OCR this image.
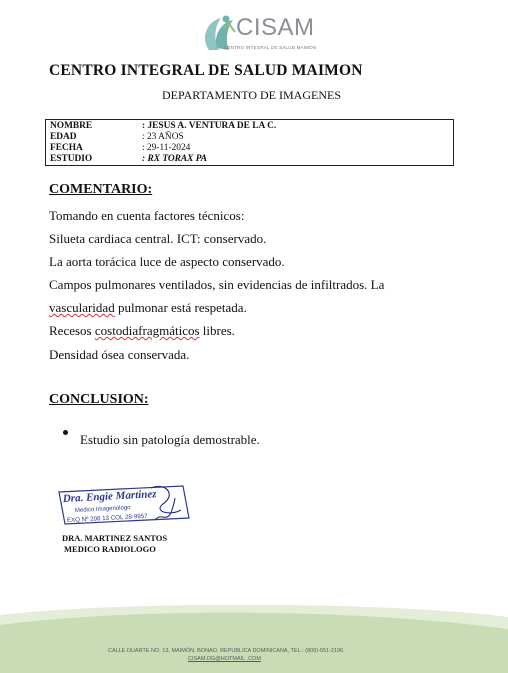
CISAM
CENTRO INTEGRAL DE SALUD MAIMON
CENTRO INTEGRAL DE SALUD MAIMON
DEPARTAMENTO DE IMAGENES
NOMBRE	: JESUS A. VENTURA DE LA C.
EDAD	: 23 AÑOS
FECHA	: 29-11-2024
ESTUDIO	: RX TORAX PA
COMENTARIO:
Tomando en cuenta factores técnicos:
Silueta cardiaca central. ICT: conservado.
La aorta torácica luce de aspecto conservado.
Campos pulmonares ventilados, sin evidencias de infiltrados. La
vascularidad pulmonar está respetada.
Recesos costodiafragmáticos libres.
Densidad ósea conservada.
CONCLUSION:
Estudio sin patología demostrable.
Dra. Engie Martinez
Medico Imagenologo
EXQ Nº 208 13 COL 28-9957
DRA. MARTINEZ SANTOS
MEDICO RADIOLOGO
CALLE DUARTE NO. 13, MAIMÓN, BONAO, REPUBLICA DOMINICANA, TEL.: (809)-551-2196
CISAM.DG@HOTMAIL .COM
